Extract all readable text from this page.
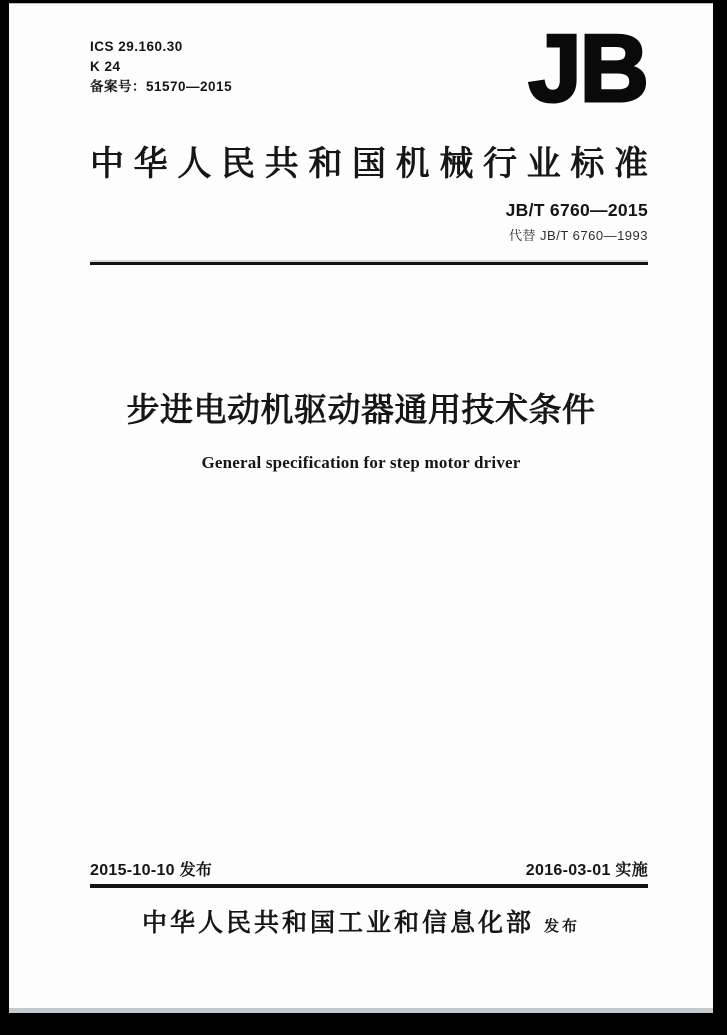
ICS 29.160.30
K 24
备案号：51570—2015	JB
中华人民共和国机械行业标准
JB/T 6760—2015
代替 JB/T 6760—1993
步进电动机驱动器通用技术条件
General specification for step motor driver
2015-10-10 发布	2016-03-01 实施
中华人民共和国工业和信息化部 发布
